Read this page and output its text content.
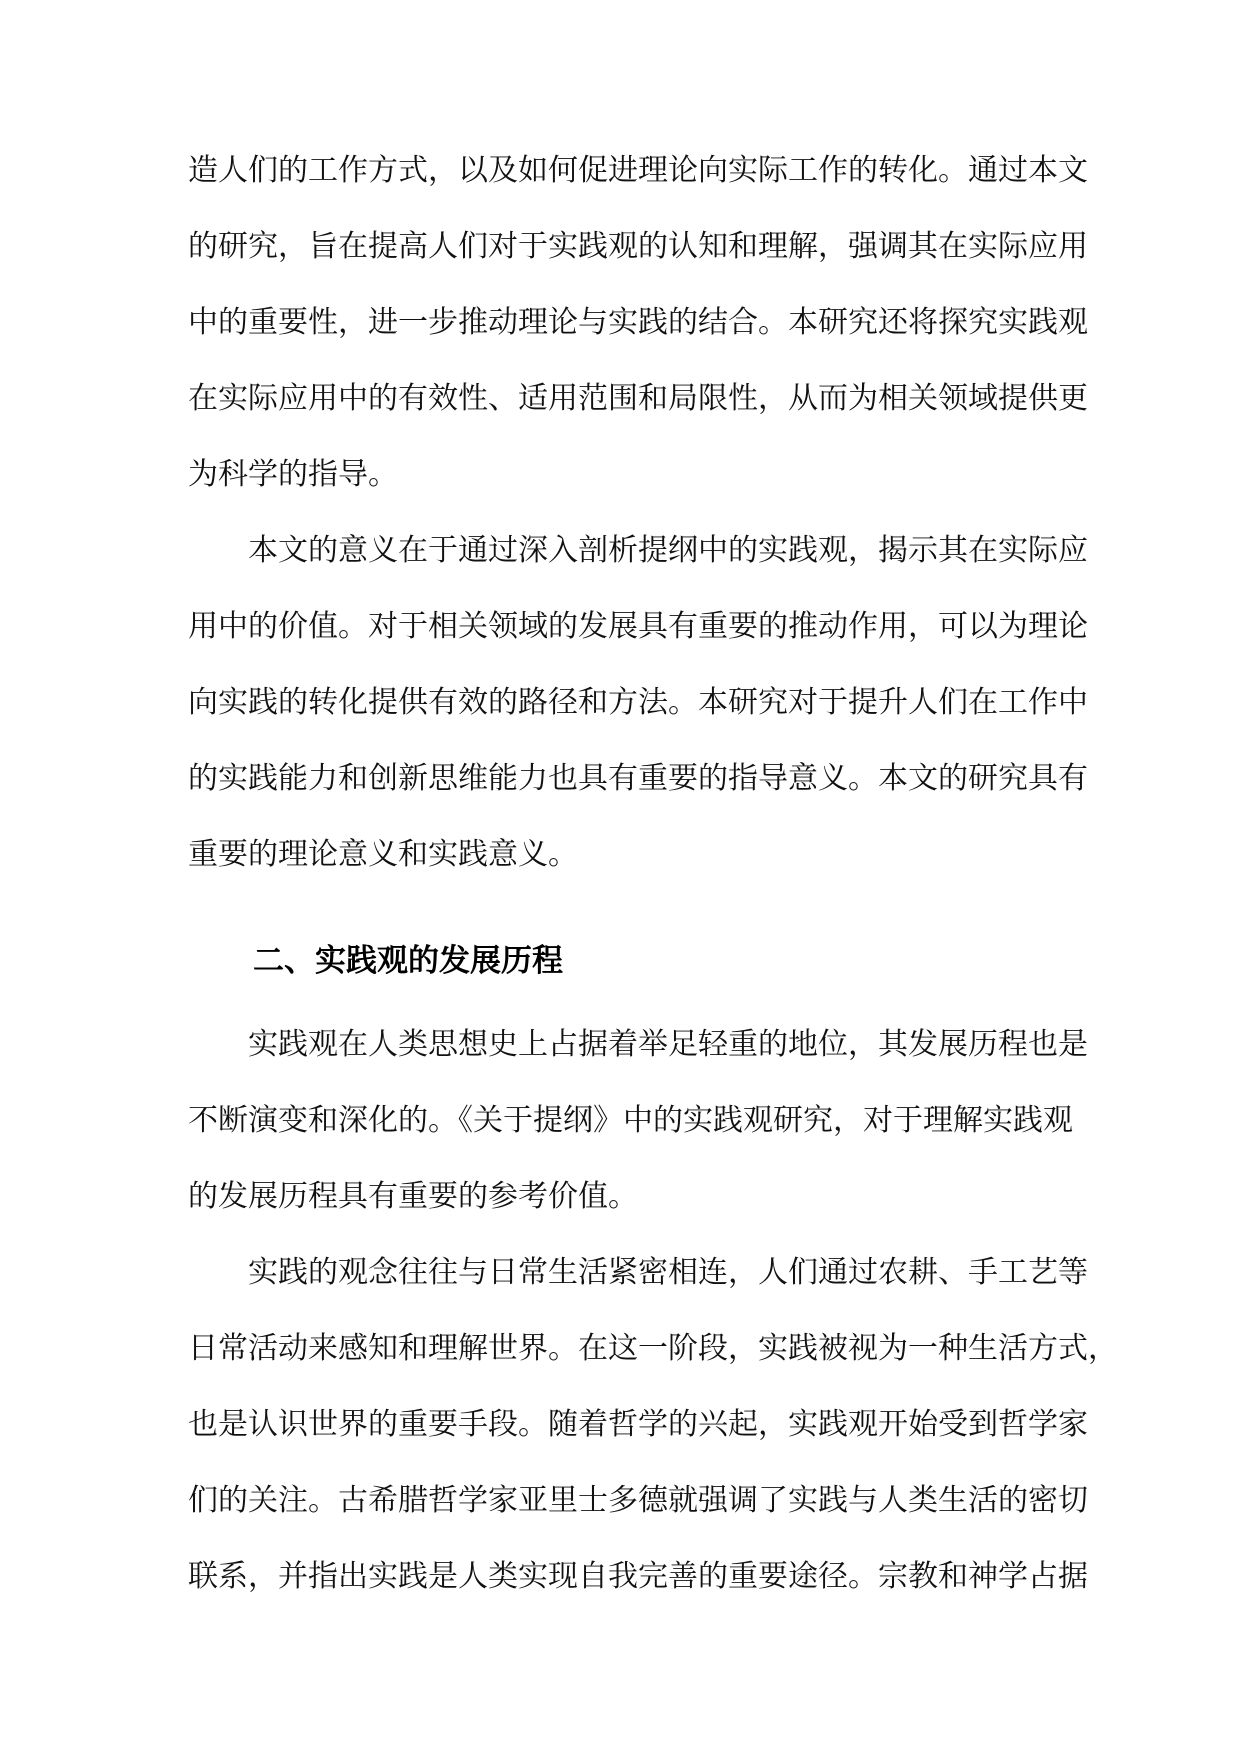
造人们的工作方式，以及如何促进理论向实际工作的转化。通过本文
的研究，旨在提高人们对于实践观的认知和理解，强调其在实际应用
中的重要性，进一步推动理论与实践的结合。本研究还将探究实践观
在实际应用中的有效性、适用范围和局限性，从而为相关领域提供更
为科学的指导。
本文的意义在于通过深入剖析提纲中的实践观，揭示其在实际应
用中的价值。对于相关领域的发展具有重要的推动作用，可以为理论
向实践的转化提供有效的路径和方法。本研究对于提升人们在工作中
的实践能力和创新思维能力也具有重要的指导意义。本文的研究具有
重要的理论意义和实践意义。
二、实践观的发展历程
实践观在人类思想史上占据着举足轻重的地位，其发展历程也是
不断演变和深化的。《关于提纲》中的实践观研究，对于理解实践观
的发展历程具有重要的参考价值。
实践的观念往往与日常生活紧密相连，人们通过农耕、手工艺等
日常活动来感知和理解世界。在这一阶段，实践被视为一种生活方式，
也是认识世界的重要手段。随着哲学的兴起，实践观开始受到哲学家
们的关注。古希腊哲学家亚里士多德就强调了实践与人类生活的密切
联系，并指出实践是人类实现自我完善的重要途径。宗教和神学占据
